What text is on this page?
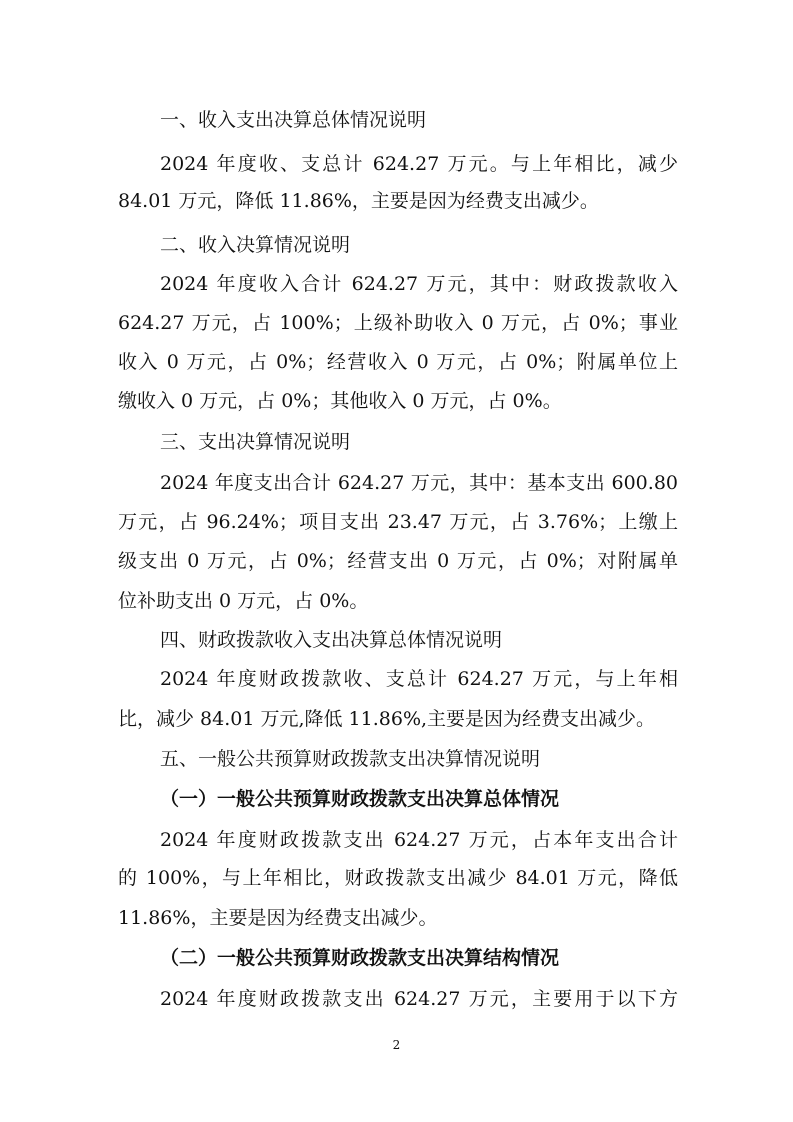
一、收入支出决算总体情况说明
2024 年度收、支总计 624.27 万元。与上年相比，减少
84.01 万元，降低 11.86%，主要是因为经费支出减少。
二、收入决算情况说明
2024 年度收入合计 624.27 万元，其中：财政拨款收入
624.27 万元，占 100%；上级补助收入 0 万元，占 0%；事业
收入 0 万元，占 0%；经营收入 0 万元，占 0%；附属单位上
缴收入 0 万元，占 0%；其他收入 0 万元，占 0%。
三、支出决算情况说明
2024 年度支出合计 624.27 万元，其中：基本支出 600.80
万元，占 96.24%；项目支出 23.47 万元，占 3.76%；上缴上
级支出 0 万元，占 0%；经营支出 0 万元，占 0%；对附属单
位补助支出 0 万元，占 0%。
四、财政拨款收入支出决算总体情况说明
2024 年度财政拨款收、支总计 624.27 万元，与上年相
比，减少 84.01 万元,降低 11.86%,主要是因为经费支出减少。
五、一般公共预算财政拨款支出决算情况说明
（一）一般公共预算财政拨款支出决算总体情况
2024 年度财政拨款支出 624.27 万元，占本年支出合计
的 100%，与上年相比，财政拨款支出减少 84.01 万元，降低
11.86%，主要是因为经费支出减少。
（二）一般公共预算财政拨款支出决算结构情况
2024 年度财政拨款支出 624.27 万元，主要用于以下方
2
